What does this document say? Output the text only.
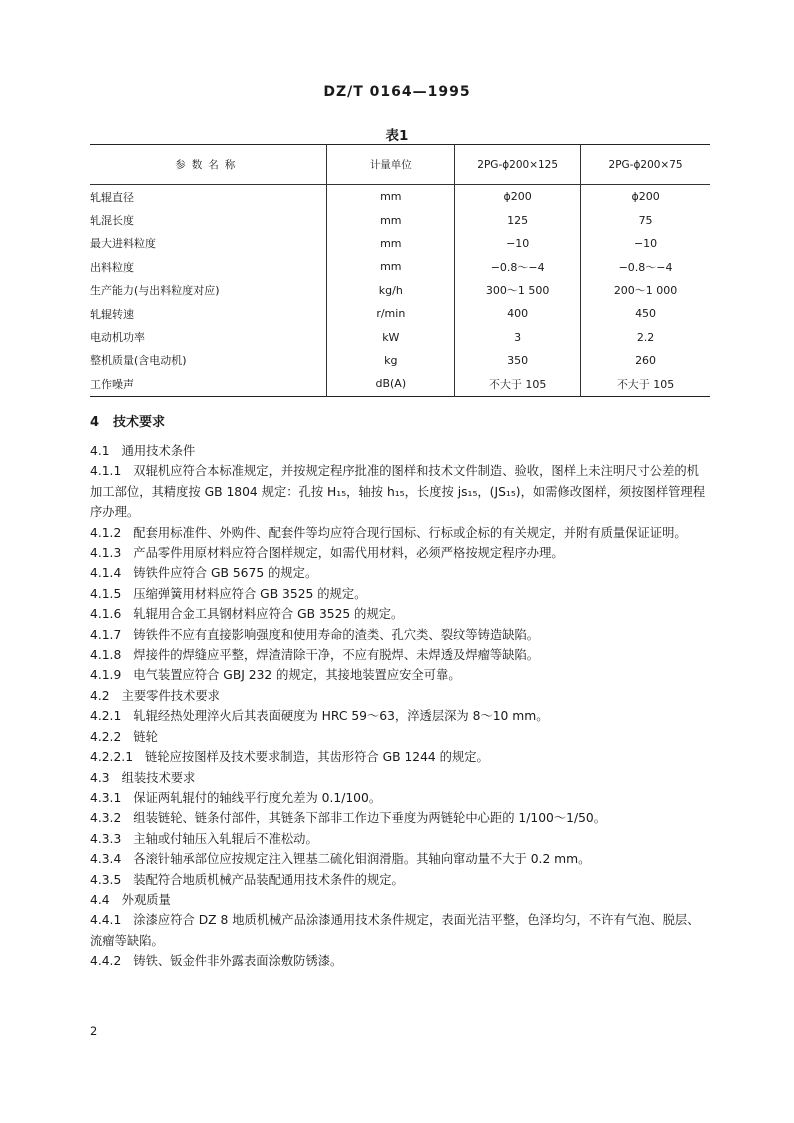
DZ/T 0164—1995
表1
参数名称	计量单位	2PG-ϕ200×125	2PG-ϕ200×75
轧辊直径	mm	ϕ200	ϕ200
轧混长度	mm	125	75
最大进料粒度	mm	−10	−10
出料粒度	mm	−0.8～−4	−0.8～−4
生产能力(与出料粒度对应)	kg/h	300～1 500	200～1 000
轧辊转速	r/min	400	450
电动机功率	kW	3	2.2
整机质量(含电动机)	kg	350	260
工作噪声	dB(A)	不大于 105	不大于 105
4 技术要求
4.1 通用技术条件
4.1.1 双辊机应符合本标准规定，并按规定程序批准的图样和技术文件制造、验收，图样上未注明尺寸公差的机加工部位，其精度按 GB 1804 规定：孔按 H₁₅，轴按 h₁₅，长度按 js₁₅，(JS₁₅)，如需修改图样，须按图样管理程序办理。
4.1.2 配套用标准件、外购件、配套件等均应符合现行国标、行标或企标的有关规定，并附有质量保证证明。
4.1.3 产品零件用原材料应符合图样规定，如需代用材料，必须严格按规定程序办理。
4.1.4 铸铁件应符合 GB 5675 的规定。
4.1.5 压缩弹簧用材料应符合 GB 3525 的规定。
4.1.6 轧辊用合金工具钢材料应符合 GB 3525 的规定。
4.1.7 铸铁件不应有直接影响强度和使用寿命的渣类、孔穴类、裂纹等铸造缺陷。
4.1.8 焊接件的焊缝应平整，焊渣清除干净，不应有脱焊、未焊透及焊瘤等缺陷。
4.1.9 电气装置应符合 GBJ 232 的规定，其接地装置应安全可靠。
4.2 主要零件技术要求
4.2.1 轧辊经热处理淬火后其表面硬度为 HRC 59～63，淬透层深为 8～10 mm。
4.2.2 链轮
4.2.2.1 链轮应按图样及技术要求制造，其齿形符合 GB 1244 的规定。
4.3 组装技术要求
4.3.1 保证两轧辊付的轴线平行度允差为 0.1/100。
4.3.2 组装链轮、链条付部件，其链条下部非工作边下垂度为两链轮中心距的 1/100～1/50。
4.3.3 主轴或付轴压入轧辊后不准松动。
4.3.4 各滚针轴承部位应按规定注入锂基二硫化钼润滑脂。其轴向窜动量不大于 0.2 mm。
4.3.5 装配符合地质机械产品装配通用技术条件的规定。
4.4 外观质量
4.4.1 涂漆应符合 DZ 8 地质机械产品涂漆通用技术条件规定，表面光洁平整，色泽均匀，不许有气泡、脱层、流瘤等缺陷。
4.4.2 铸铁、钣金件非外露表面涂敷防锈漆。
2
